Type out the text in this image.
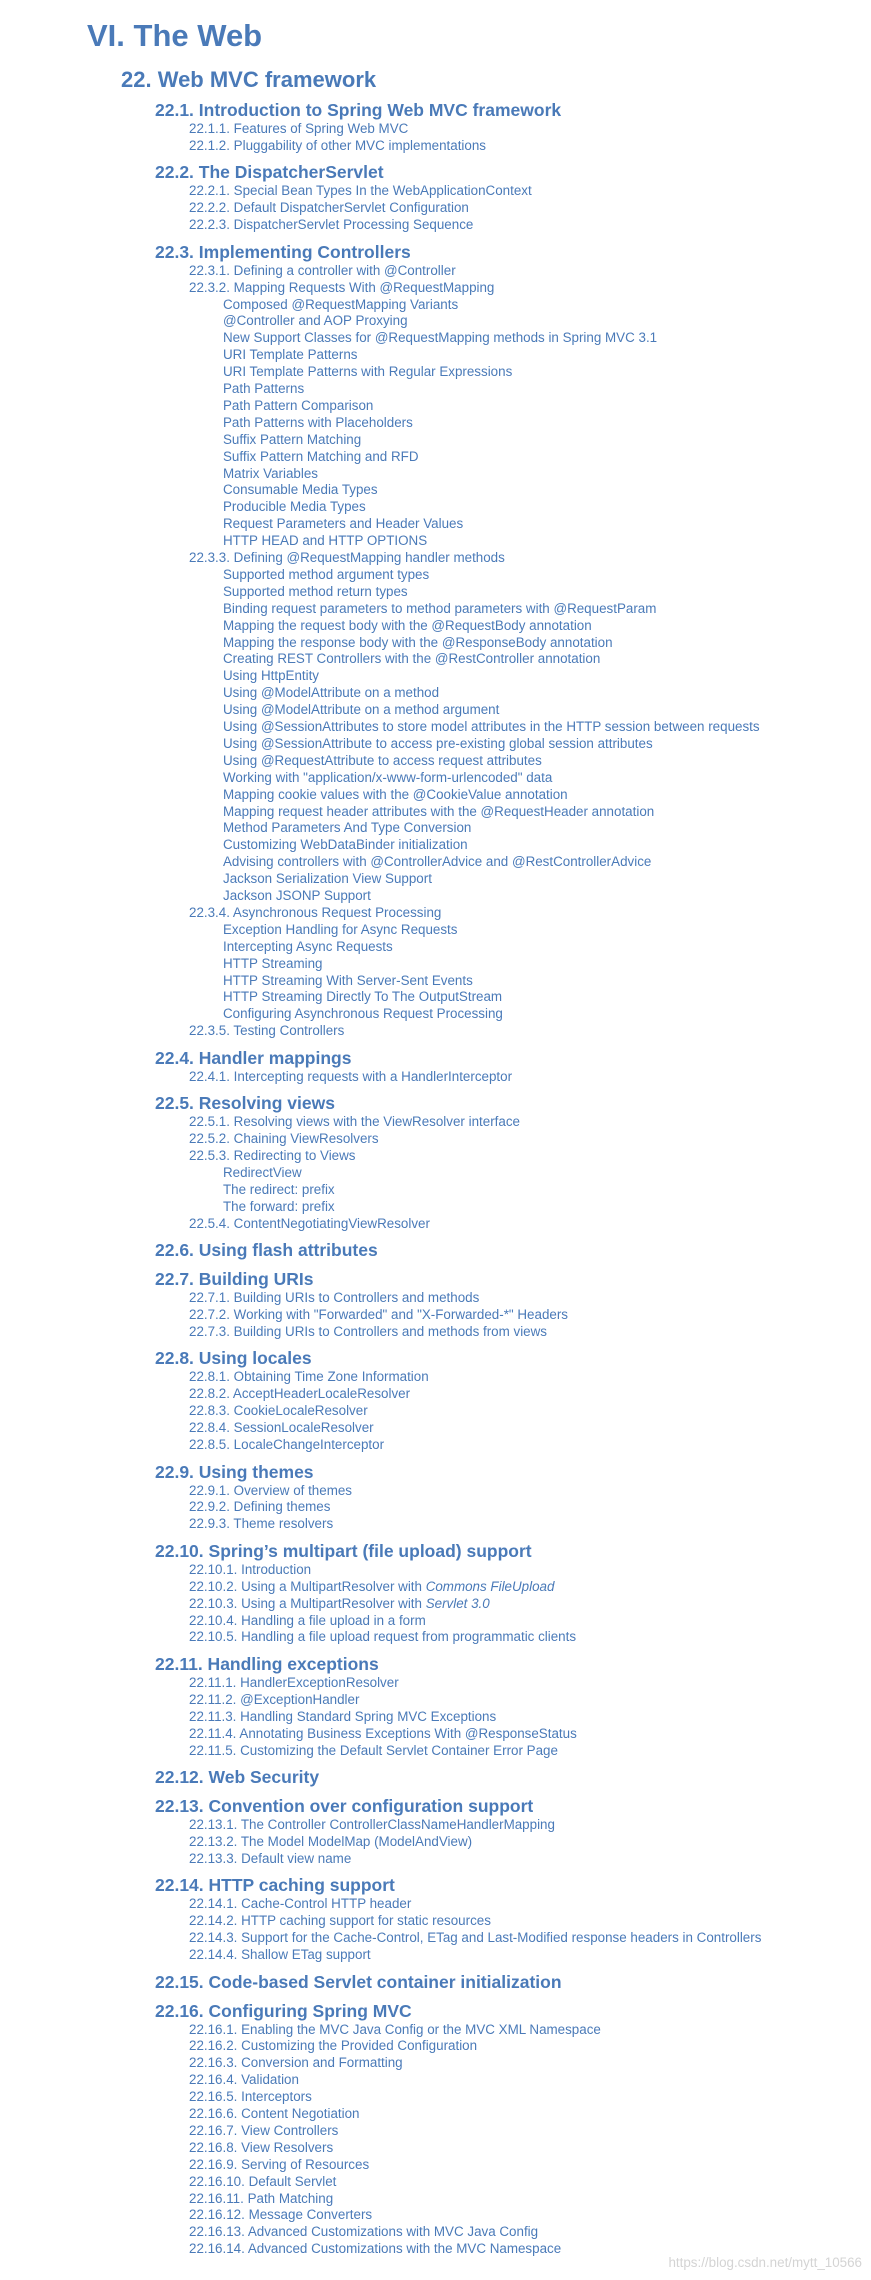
VI. The Web
22. Web MVC framework
22.1. Introduction to Spring Web MVC framework
22.1.1. Features of Spring Web MVC
22.1.2. Pluggability of other MVC implementations
22.2. The DispatcherServlet
22.2.1. Special Bean Types In the WebApplicationContext
22.2.2. Default DispatcherServlet Configuration
22.2.3. DispatcherServlet Processing Sequence
22.3. Implementing Controllers
22.3.1. Defining a controller with @Controller
22.3.2. Mapping Requests With @RequestMapping
Composed @RequestMapping Variants
@Controller and AOP Proxying
New Support Classes for @RequestMapping methods in Spring MVC 3.1
URI Template Patterns
URI Template Patterns with Regular Expressions
Path Patterns
Path Pattern Comparison
Path Patterns with Placeholders
Suffix Pattern Matching
Suffix Pattern Matching and RFD
Matrix Variables
Consumable Media Types
Producible Media Types
Request Parameters and Header Values
HTTP HEAD and HTTP OPTIONS
22.3.3. Defining @RequestMapping handler methods
Supported method argument types
Supported method return types
Binding request parameters to method parameters with @RequestParam
Mapping the request body with the @RequestBody annotation
Mapping the response body with the @ResponseBody annotation
Creating REST Controllers with the @RestController annotation
Using HttpEntity
Using @ModelAttribute on a method
Using @ModelAttribute on a method argument
Using @SessionAttributes to store model attributes in the HTTP session between requests
Using @SessionAttribute to access pre-existing global session attributes
Using @RequestAttribute to access request attributes
Working with "application/x-www-form-urlencoded" data
Mapping cookie values with the @CookieValue annotation
Mapping request header attributes with the @RequestHeader annotation
Method Parameters And Type Conversion
Customizing WebDataBinder initialization
Advising controllers with @ControllerAdvice and @RestControllerAdvice
Jackson Serialization View Support
Jackson JSONP Support
22.3.4. Asynchronous Request Processing
Exception Handling for Async Requests
Intercepting Async Requests
HTTP Streaming
HTTP Streaming With Server-Sent Events
HTTP Streaming Directly To The OutputStream
Configuring Asynchronous Request Processing
22.3.5. Testing Controllers
22.4. Handler mappings
22.4.1. Intercepting requests with a HandlerInterceptor
22.5. Resolving views
22.5.1. Resolving views with the ViewResolver interface
22.5.2. Chaining ViewResolvers
22.5.3. Redirecting to Views
RedirectView
The redirect: prefix
The forward: prefix
22.5.4. ContentNegotiatingViewResolver
22.6. Using flash attributes
22.7. Building URIs
22.7.1. Building URIs to Controllers and methods
22.7.2. Working with "Forwarded" and "X-Forwarded-*" Headers
22.7.3. Building URIs to Controllers and methods from views
22.8. Using locales
22.8.1. Obtaining Time Zone Information
22.8.2. AcceptHeaderLocaleResolver
22.8.3. CookieLocaleResolver
22.8.4. SessionLocaleResolver
22.8.5. LocaleChangeInterceptor
22.9. Using themes
22.9.1. Overview of themes
22.9.2. Defining themes
22.9.3. Theme resolvers
22.10. Spring’s multipart (file upload) support
22.10.1. Introduction
22.10.2. Using a MultipartResolver with Commons FileUpload
22.10.3. Using a MultipartResolver with Servlet 3.0
22.10.4. Handling a file upload in a form
22.10.5. Handling a file upload request from programmatic clients
22.11. Handling exceptions
22.11.1. HandlerExceptionResolver
22.11.2. @ExceptionHandler
22.11.3. Handling Standard Spring MVC Exceptions
22.11.4. Annotating Business Exceptions With @ResponseStatus
22.11.5. Customizing the Default Servlet Container Error Page
22.12. Web Security
22.13. Convention over configuration support
22.13.1. The Controller ControllerClassNameHandlerMapping
22.13.2. The Model ModelMap (ModelAndView)
22.13.3. Default view name
22.14. HTTP caching support
22.14.1. Cache-Control HTTP header
22.14.2. HTTP caching support for static resources
22.14.3. Support for the Cache-Control, ETag and Last-Modified response headers in Controllers
22.14.4. Shallow ETag support
22.15. Code-based Servlet container initialization
22.16. Configuring Spring MVC
22.16.1. Enabling the MVC Java Config or the MVC XML Namespace
22.16.2. Customizing the Provided Configuration
22.16.3. Conversion and Formatting
22.16.4. Validation
22.16.5. Interceptors
22.16.6. Content Negotiation
22.16.7. View Controllers
22.16.8. View Resolvers
22.16.9. Serving of Resources
22.16.10. Default Servlet
22.16.11. Path Matching
22.16.12. Message Converters
22.16.13. Advanced Customizations with MVC Java Config
22.16.14. Advanced Customizations with the MVC Namespace
https://blog.csdn.net/mytt_10566
